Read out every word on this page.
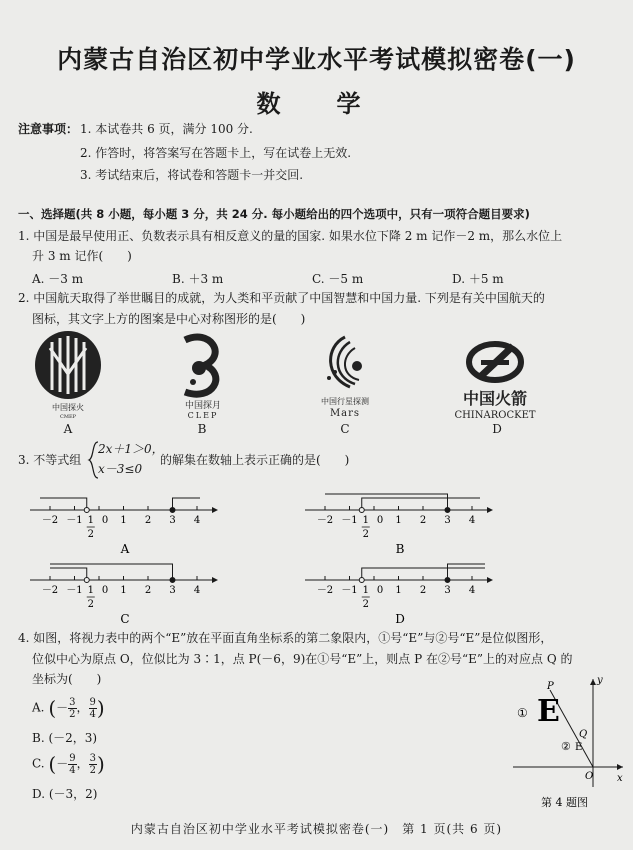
内蒙古自治区初中学业水平考试模拟密卷(一)
数　学
注意事项： 1. 本试卷共 6 页，满分 100 分.
2. 作答时，将答案写在答题卡上，写在试卷上无效.
3. 考试结束后，将试卷和答题卡一并交回.
一、选择题(共 8 小题，每小题 3 分，共 24 分. 每小题给出的四个选项中，只有一项符合题目要求)
1. 中国是最早使用正、负数表示具有相反意义的量的国家. 如果水位下降 2 m 记作－2 m，那么水位上
升 3 m 记作(　　)
A. －3 m	B. ＋3 m	C. －5 m	D. ＋5 m
2. 中国航天取得了举世瞩目的成就，为人类和平贡献了中国智慧和中国力量. 下列是有关中国航天的
图标，其文字上方的图案是中心对称图形的是(　　)
中国探火
CMEP
A
中国探月
CLEP
B
中国行星探测
Mars
C
中国火箭
CHINAROCKET
D
3. 不等式组
2x＋1＞0，
x－3≤0
的解集在数轴上表示正确的是(　　)
－2 －1 1 0 1 2 3 4
2
A
－2 －1 1 0 1 2 3 4
2
B
－2 －1 1 0 1 2 3 4
2
C
－2 －1 1 0 1 2 3 4
2
D
4. 如图，将视力表中的两个“E”放在平面直角坐标系的第二象限内，①号“E”与②号“E”是位似图形，
位似中心为原点 O，位似比为 3∶1，点 P(－6，9)在①号“E”上，则点 P 在②号“E”上的对应点 Q 的
坐标为(　　)
A. (－ $\frac{3}{2}$ ， $\frac{9}{4}$ )
B. (－2，3)
C. (－ $\frac{9}{4}$ ， $\frac{3}{2}$ )
D. (－3，2)
E
①
P
E
②
Q
O x
y
第 4 题图
内蒙古自治区初中学业水平考试模拟密卷(一)　第 1 页(共 6 页)
